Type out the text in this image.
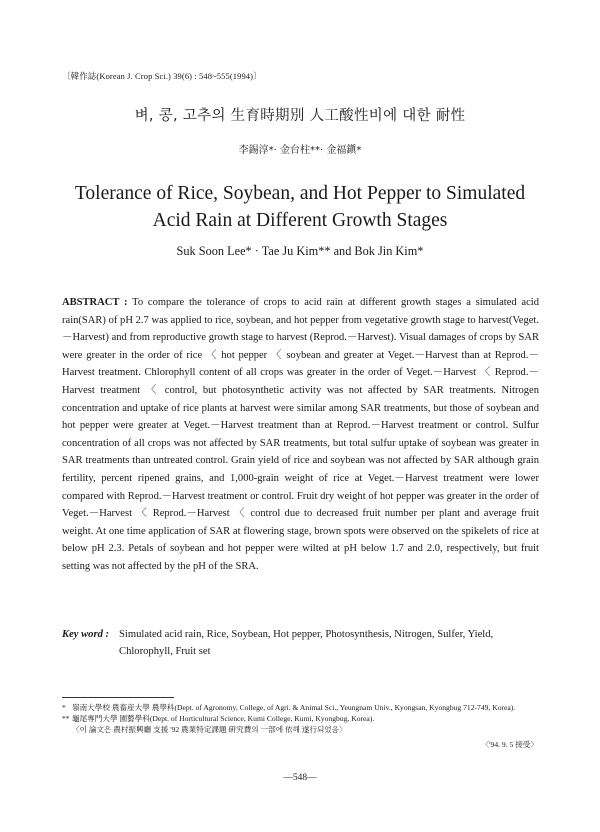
〔韓作誌(Korean J. Crop Sci.) 39(6) : 548~555(1994)〕
벼, 콩, 고추의 生育時期別 人工酸性비에 대한 耐性
李錫淳*· 金台柱**· 金福鎭*
Tolerance of Rice, Soybean, and Hot Pepper to Simulated
Acid Rain at Different Growth Stages
Suk Soon Lee* · Tae Ju Kim** and Bok Jin Kim*
ABSTRACT : To compare the tolerance of crops to acid rain at different growth stages a simulated acid rain(SAR) of pH 2.7 was applied to rice, soybean, and hot pepper from vegetative growth stage to harvest(Veget.－Harvest) and from reproductive growth stage to harvest (Reprod.－Harvest). Visual damages of crops by SAR were greater in the order of rice 〈 hot pepper 〈 soybean and greater at Veget.－Harvest than at Reprod.－Harvest treatment. Chlorophyll content of all crops was greater in the order of Veget.－Harvest 〈 Reprod.－Harvest treatment 〈 control, but photosynthetic activity was not affected by SAR treatments. Nitrogen concentration and uptake of rice plants at harvest were similar among SAR treatments, but those of soybean and hot pepper were greater at Veget.－Harvest treatment than at Reprod.－Harvest treatment or control. Sulfur concentration of all crops was not affected by SAR treatments, but total sulfur uptake of soybean was greater in SAR treatments than untreated control. Grain yield of rice and soybean was not affected by SAR although grain fertility, percent ripened grains, and 1,000-grain weight of rice at Veget.－Harvest treatment were lower compared with Reprod.－Harvest treatment or control. Fruit dry weight of hot pepper was greater in the order of Veget.－Harvest 〈 Reprod.－Harvest 〈 control due to decreased fruit number per plant and average fruit weight. At one time application of SAR at flowering stage, brown spots were observed on the spikelets of rice at below pH 2.3. Petals of soybean and hot pepper were wilted at pH below 1.7 and 2.0, respectively, but fruit setting was not affected by the pH of the SRA.
Key word : Simulated acid rain, Rice, Soybean, Hot pepper, Photosynthesis, Nitrogen, Sulfer, Yield, Chlorophyll, Fruit set
* 嶺南大學校 農畜産大學 農學科(Dept. of Agronomy, College, of Agri. & Animal Sci., Yeungnam Univ., Kyongsan, Kyongbug 712-749, Korea).
** 龜尾專門大學 園藝學科(Dept. of Horticultural Science, Kumi College, Kumi, Kyongbug, Korea).
〈이 論文은 農村振興廳 支援 '92 農業特定課題 硏究費의 一部에 依해 遂行되었음〉
〈'94. 9. 5 接受〉
—548—
